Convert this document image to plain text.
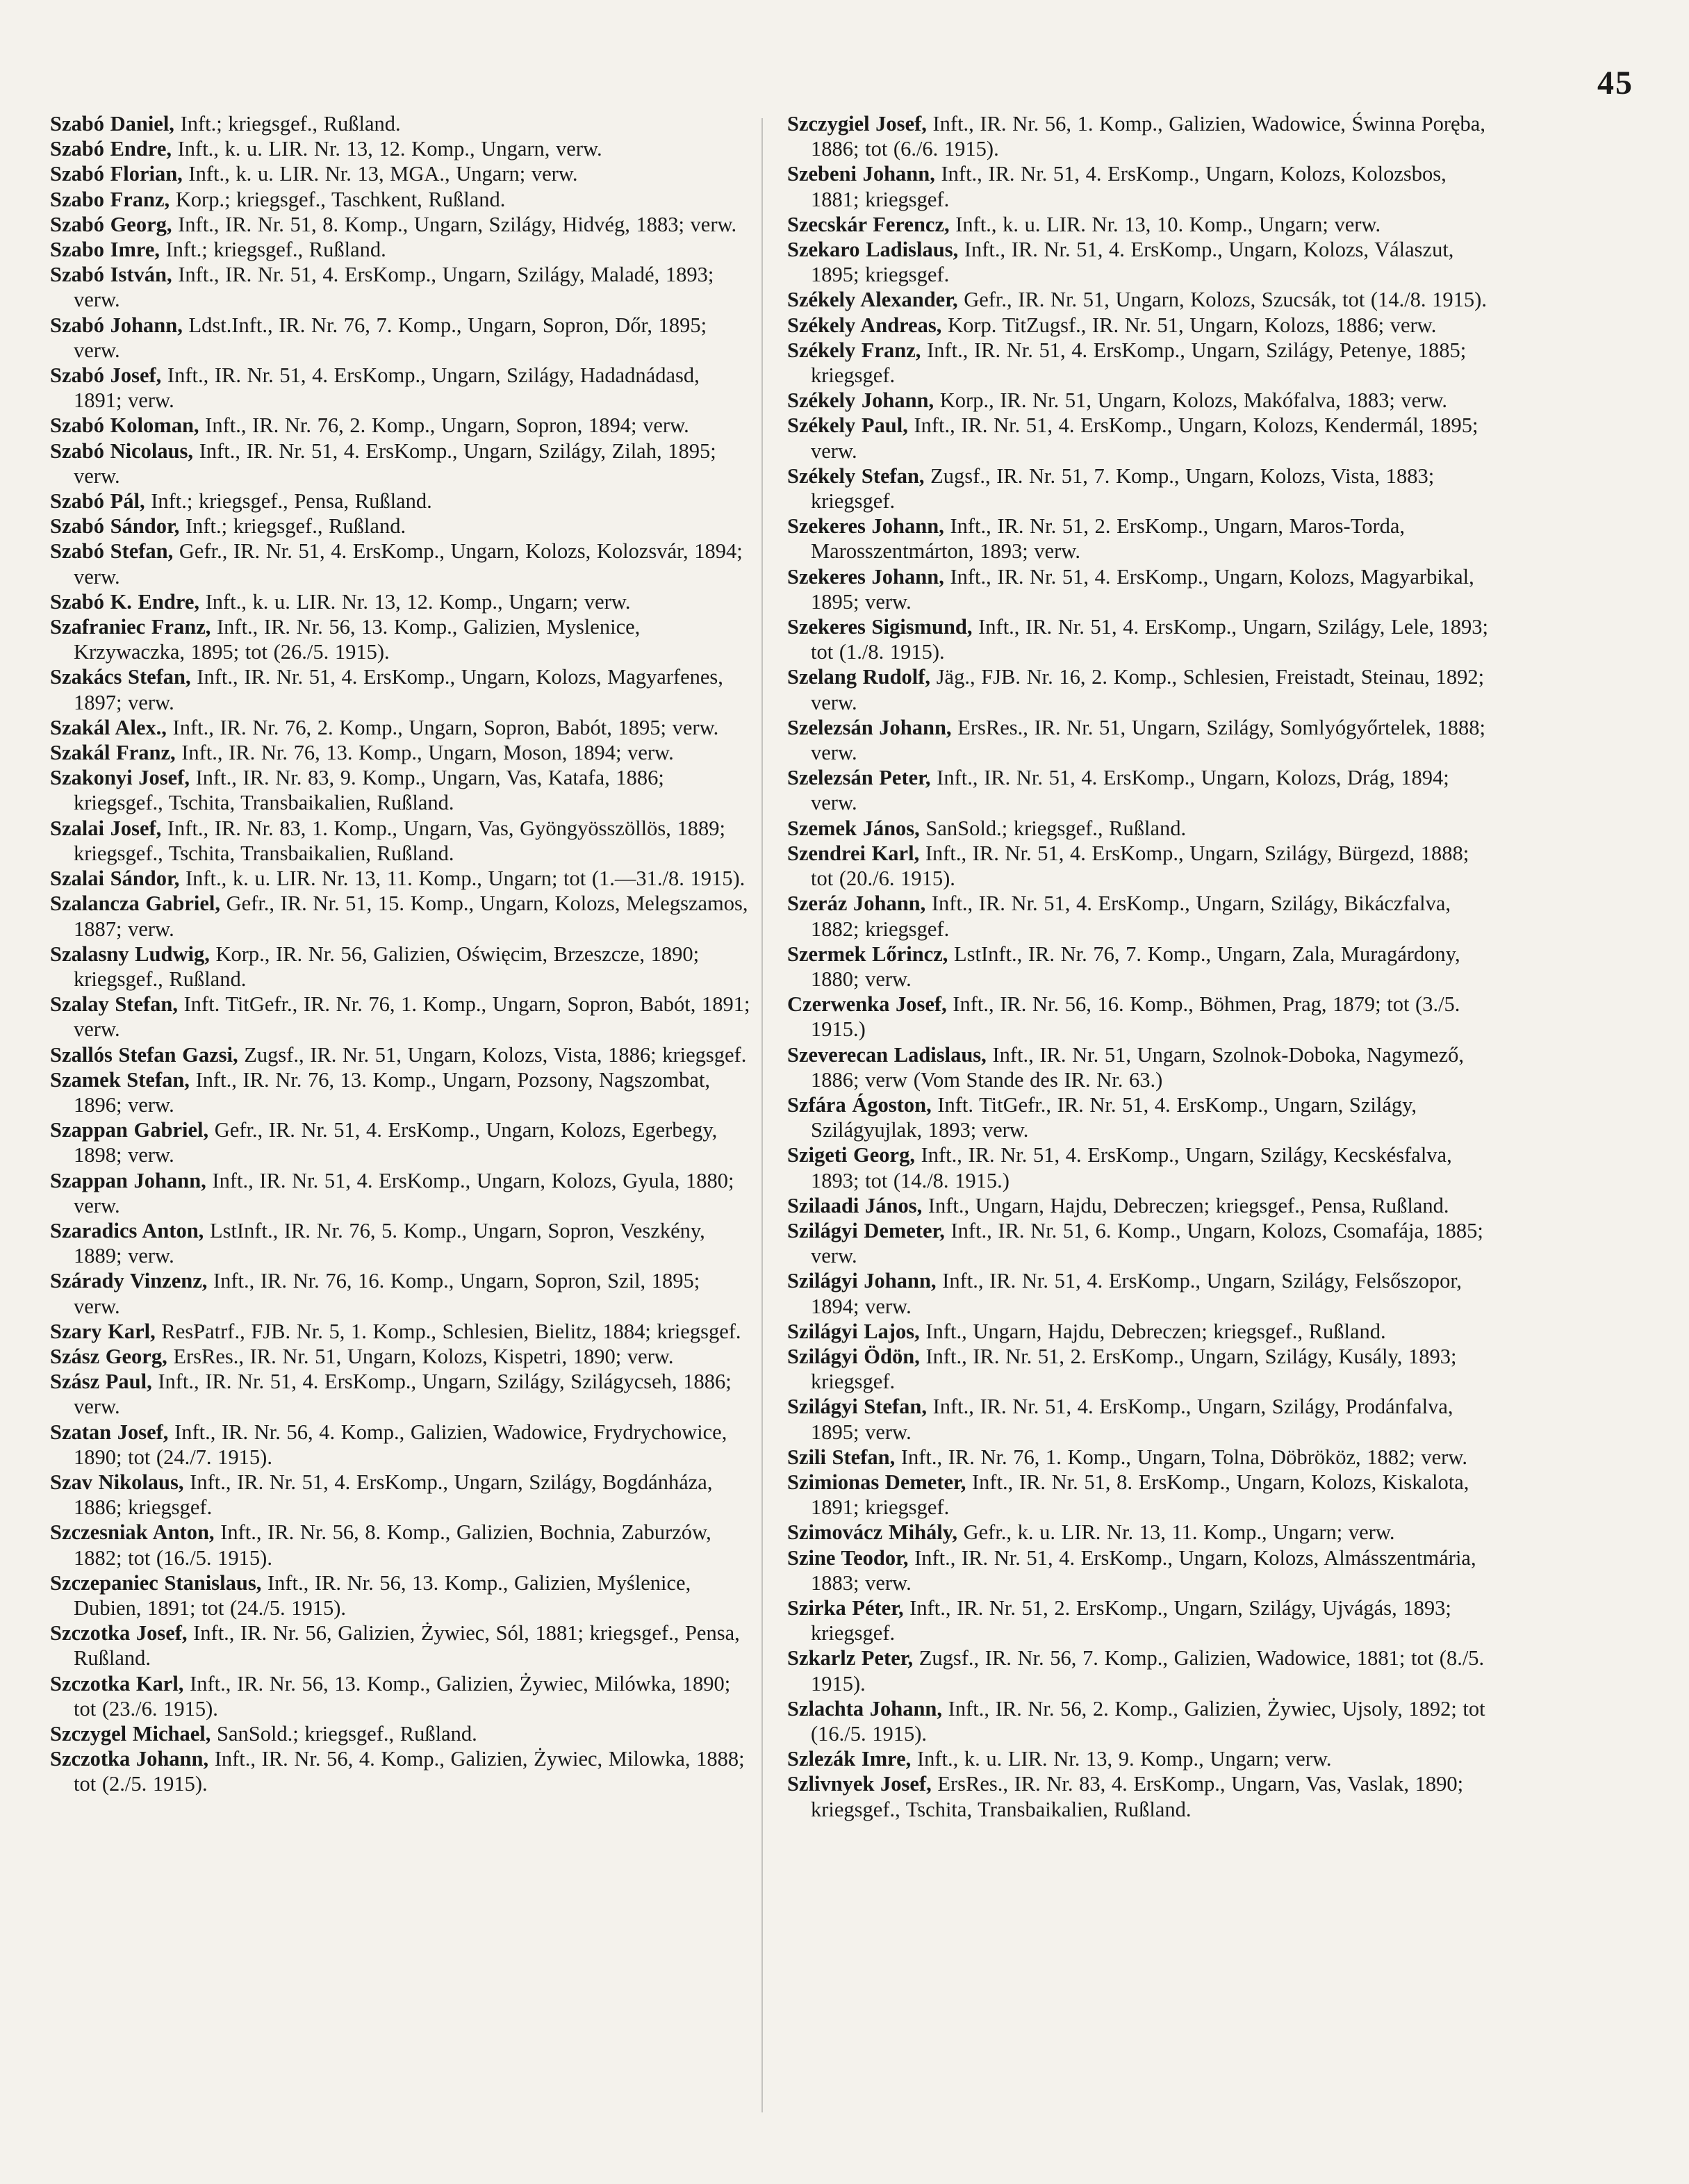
45

Szabó Daniel, Inft.; kriegsgef., Rußland.

Szabó Endre, Inft., k. u. LIR. Nr. 13, 12. Komp., Ungarn, verw.

Szabó Florian, Inft., k. u. LIR. Nr. 13, MGA., Ungarn; verw.

Szabo Franz, Korp.; kriegsgef., Taschkent, Rußland.

Szabó Georg, Inft., IR. Nr. 51, 8. Komp., Ungarn, Szilágy, Hidvég, 1883; verw.

Szabo Imre, Inft.; kriegsgef., Rußland.

Szabó István, Inft., IR. Nr. 51, 4. ErsKomp., Ungarn, Szilágy, Maladé, 1893; verw.

Szabó Johann, Ldst.Inft., IR. Nr. 76, 7. Komp., Ungarn, Sopron, Dőr, 1895; verw.

Szabó Josef, Inft., IR. Nr. 51, 4. ErsKomp., Ungarn, Szilágy, Hadadnádasd, 1891; verw.

Szabó Koloman, Inft., IR. Nr. 76, 2. Komp., Ungarn, Sopron, 1894; verw.

Szabó Nicolaus, Inft., IR. Nr. 51, 4. ErsKomp., Ungarn, Szilágy, Zilah, 1895; verw.

Szabó Pál, Inft.; kriegsgef., Pensa, Rußland.

Szabó Sándor, Inft.; kriegsgef., Rußland.

Szabó Stefan, Gefr., IR. Nr. 51, 4. ErsKomp., Ungarn, Kolozs, Kolozsvár, 1894; verw.

Szabó K. Endre, Inft., k. u. LIR. Nr. 13, 12. Komp., Ungarn; verw.

Szafraniec Franz, Inft., IR. Nr. 56, 13. Komp., Galizien, Myslenice, Krzywaczka, 1895; tot (26./5. 1915).

Szakács Stefan, Inft., IR. Nr. 51, 4. ErsKomp., Ungarn, Kolozs, Magyarfenes, 1897; verw.

Szakál Alex., Inft., IR. Nr. 76, 2. Komp., Ungarn, Sopron, Babót, 1895; verw.

Szakál Franz, Inft., IR. Nr. 76, 13. Komp., Ungarn, Moson, 1894; verw.

Szakonyi Josef, Inft., IR. Nr. 83, 9. Komp., Ungarn, Vas, Katafa, 1886; kriegsgef., Tschita, Transbaikalien, Rußland.

Szalai Josef, Inft., IR. Nr. 83, 1. Komp., Ungarn, Vas, Gyöngyösszöllös, 1889; kriegsgef., Tschita, Transbaikalien, Rußland.

Szalai Sándor, Inft., k. u. LIR. Nr. 13, 11. Komp., Ungarn; tot (1.—31./8. 1915).

Szalancza Gabriel, Gefr., IR. Nr. 51, 15. Komp., Ungarn, Kolozs, Melegszamos, 1887; verw.

Szalasny Ludwig, Korp., IR. Nr. 56, Galizien, Oświęcim, Brzeszcze, 1890; kriegsgef., Rußland.

Szalay Stefan, Inft. TitGefr., IR. Nr. 76, 1. Komp., Ungarn, Sopron, Babót, 1891; verw.

Szallós Stefan Gazsi, Zugsf., IR. Nr. 51, Ungarn, Kolozs, Vista, 1886; kriegsgef.

Szamek Stefan, Inft., IR. Nr. 76, 13. Komp., Ungarn, Pozsony, Nagszombat, 1896; verw.

Szappan Gabriel, Gefr., IR. Nr. 51, 4. ErsKomp., Ungarn, Kolozs, Egerbegy, 1898; verw.

Szappan Johann, Inft., IR. Nr. 51, 4. ErsKomp., Ungarn, Kolozs, Gyula, 1880; verw.

Szaradics Anton, LstInft., IR. Nr. 76, 5. Komp., Ungarn, Sopron, Veszkény, 1889; verw.

Szárady Vinzenz, Inft., IR. Nr. 76, 16. Komp., Ungarn, Sopron, Szil, 1895; verw.

Szary Karl, ResPatrf., FJB. Nr. 5, 1. Komp., Schlesien, Bielitz, 1884; kriegsgef.

Szász Georg, ErsRes., IR. Nr. 51, Ungarn, Kolozs, Kispetri, 1890; verw.

Szász Paul, Inft., IR. Nr. 51, 4. ErsKomp., Ungarn, Szilágy, Szilágycseh, 1886; verw.

Szatan Josef, Inft., IR. Nr. 56, 4. Komp., Galizien, Wadowice, Frydrychowice, 1890; tot (24./7. 1915).

Szav Nikolaus, Inft., IR. Nr. 51, 4. ErsKomp., Ungarn, Szilágy, Bogdánháza, 1886; kriegsgef.

Szczesniak Anton, Inft., IR. Nr. 56, 8. Komp., Galizien, Bochnia, Zaburzów, 1882; tot (16./5. 1915).

Szczepaniec Stanislaus, Inft., IR. Nr. 56, 13. Komp., Galizien, Myślenice, Dubien, 1891; tot (24./5. 1915).

Szczotka Josef, Inft., IR. Nr. 56, Galizien, Żywiec, Sól, 1881; kriegsgef., Pensa, Rußland.

Szczotka Karl, Inft., IR. Nr. 56, 13. Komp., Galizien, Żywiec, Milówka, 1890; tot (23./6. 1915).

Szczygel Michael, SanSold.; kriegsgef., Rußland.

Szczotka Johann, Inft., IR. Nr. 56, 4. Komp., Galizien, Żywiec, Milowka, 1888; tot (2./5. 1915).

Szczygiel Josef, Inft., IR. Nr. 56, 1. Komp., Galizien, Wadowice, Świnna Poręba, 1886; tot (6./6. 1915).

Szebeni Johann, Inft., IR. Nr. 51, 4. ErsKomp., Ungarn, Kolozs, Kolozsbos, 1881; kriegsgef.

Szecskár Ferencz, Inft., k. u. LIR. Nr. 13, 10. Komp., Ungarn; verw.

Szekaro Ladislaus, Inft., IR. Nr. 51, 4. ErsKomp., Ungarn, Kolozs, Válaszut, 1895; kriegsgef.

Székely Alexander, Gefr., IR. Nr. 51, Ungarn, Kolozs, Szucsák, tot (14./8. 1915).

Székely Andreas, Korp. TitZugsf., IR. Nr. 51, Ungarn, Kolozs, 1886; verw.

Székely Franz, Inft., IR. Nr. 51, 4. ErsKomp., Ungarn, Szilágy, Petenye, 1885; kriegsgef.

Székely Johann, Korp., IR. Nr. 51, Ungarn, Kolozs, Makófalva, 1883; verw.

Székely Paul, Inft., IR. Nr. 51, 4. ErsKomp., Ungarn, Kolozs, Kendermál, 1895; verw.

Székely Stefan, Zugsf., IR. Nr. 51, 7. Komp., Ungarn, Kolozs, Vista, 1883; kriegsgef.

Szekeres Johann, Inft., IR. Nr. 51, 2. ErsKomp., Ungarn, Maros-Torda, Marosszentmárton, 1893; verw.

Szekeres Johann, Inft., IR. Nr. 51, 4. ErsKomp., Ungarn, Kolozs, Magyarbikal, 1895; verw.

Szekeres Sigismund, Inft., IR. Nr. 51, 4. ErsKomp., Ungarn, Szilágy, Lele, 1893; tot (1./8. 1915).

Szelang Rudolf, Jäg., FJB. Nr. 16, 2. Komp., Schlesien, Freistadt, Steinau, 1892; verw.

Szelezsán Johann, ErsRes., IR. Nr. 51, Ungarn, Szilágy, Somlyógyőrtelek, 1888; verw.

Szelezsán Peter, Inft., IR. Nr. 51, 4. ErsKomp., Ungarn, Kolozs, Drág, 1894; verw.

Szemek János, SanSold.; kriegsgef., Rußland.

Szendrei Karl, Inft., IR. Nr. 51, 4. ErsKomp., Ungarn, Szilágy, Bürgezd, 1888; tot (20./6. 1915).

Szeráz Johann, Inft., IR. Nr. 51, 4. ErsKomp., Ungarn, Szilágy, Bikáczfalva, 1882; kriegsgef.

Szermek Lőrincz, LstInft., IR. Nr. 76, 7. Komp., Ungarn, Zala, Muragárdony, 1880; verw.

Czerwenka Josef, Inft., IR. Nr. 56, 16. Komp., Böhmen, Prag, 1879; tot (3./5. 1915.)

Szeverecan Ladislaus, Inft., IR. Nr. 51, Ungarn, Szolnok-Doboka, Nagymező, 1886; verw (Vom Stande des IR. Nr. 63.)

Szfára Ágoston, Inft. TitGefr., IR. Nr. 51, 4. ErsKomp., Ungarn, Szilágy, Szilágyujlak, 1893; verw.

Szigeti Georg, Inft., IR. Nr. 51, 4. ErsKomp., Ungarn, Szilágy, Kecskésfalva, 1893; tot (14./8. 1915.)

Szilaadi János, Inft., Ungarn, Hajdu, Debreczen; kriegsgef., Pensa, Rußland.

Szilágyi Demeter, Inft., IR. Nr. 51, 6. Komp., Ungarn, Kolozs, Csomafája, 1885; verw.

Szilágyi Johann, Inft., IR. Nr. 51, 4. ErsKomp., Ungarn, Szilágy, Felsőszopor, 1894; verw.

Szilágyi Lajos, Inft., Ungarn, Hajdu, Debreczen; kriegsgef., Rußland.

Szilágyi Ödön, Inft., IR. Nr. 51, 2. ErsKomp., Ungarn, Szilágy, Kusály, 1893; kriegsgef.

Szilágyi Stefan, Inft., IR. Nr. 51, 4. ErsKomp., Ungarn, Szilágy, Prodánfalva, 1895; verw.

Szili Stefan, Inft., IR. Nr. 76, 1. Komp., Ungarn, Tolna, Döbrököz, 1882; verw.

Szimionas Demeter, Inft., IR. Nr. 51, 8. ErsKomp., Ungarn, Kolozs, Kiskalota, 1891; kriegsgef.

Szimovácz Mihály, Gefr., k. u. LIR. Nr. 13, 11. Komp., Ungarn; verw.

Szine Teodor, Inft., IR. Nr. 51, 4. ErsKomp., Ungarn, Kolozs, Almásszentmária, 1883; verw.

Szirka Péter, Inft., IR. Nr. 51, 2. ErsKomp., Ungarn, Szilágy, Ujvágás, 1893; kriegsgef.

Szkarlz Peter, Zugsf., IR. Nr. 56, 7. Komp., Galizien, Wadowice, 1881; tot (8./5. 1915).

Szlachta Johann, Inft., IR. Nr. 56, 2. Komp., Galizien, Żywiec, Ujsoly, 1892; tot (16./5. 1915).

Szlezák Imre, Inft., k. u. LIR. Nr. 13, 9. Komp., Ungarn; verw.

Szlivnyek Josef, ErsRes., IR. Nr. 83, 4. ErsKomp., Ungarn, Vas, Vaslak, 1890; kriegsgef., Tschita, Transbaikalien, Rußland.
